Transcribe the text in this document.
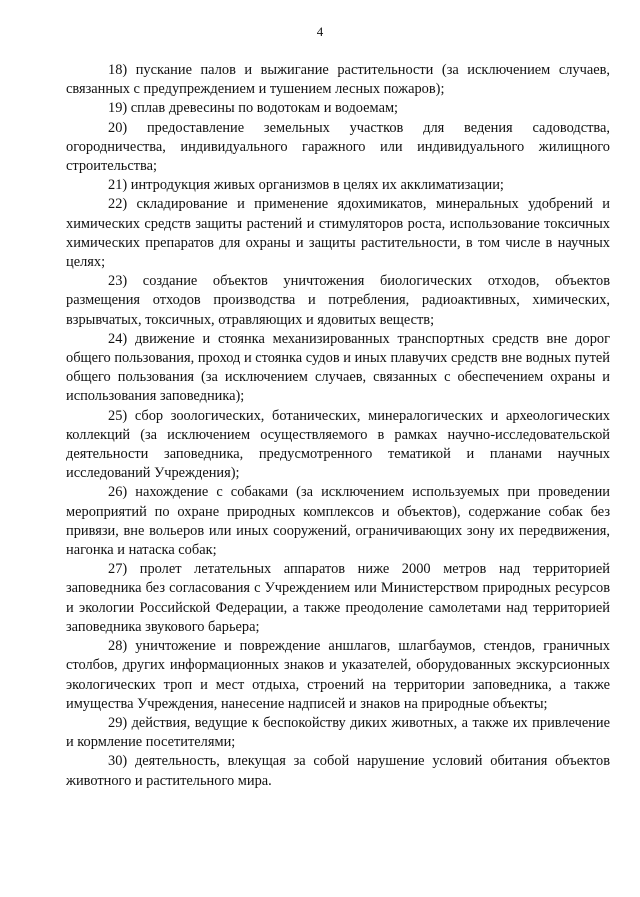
4

18) пускание палов и выжигание растительности (за исключением случаев, связанных с предупреждением и тушением лесных пожаров);

19) сплав древесины по водотокам и водоемам;

20) предоставление земельных участков для ведения садоводства, огородничества, индивидуального гаражного или индивидуального жилищного строительства;

21) интродукция живых организмов в целях их акклиматизации;

22) складирование и применение ядохимикатов, минеральных удобрений и химических средств защиты растений и стимуляторов роста, использование токсичных химических препаратов для охраны и защиты растительности, в том числе в научных целях;

23) создание объектов уничтожения биологических отходов, объектов размещения отходов производства и потребления, радиоактивных, химических, взрывчатых, токсичных, отравляющих и ядовитых веществ;

24) движение и стоянка механизированных транспортных средств вне дорог общего пользования, проход и стоянка судов и иных плавучих средств вне водных путей общего пользования (за исключением случаев, связанных с обеспечением охраны и использования заповедника);

25) сбор зоологических, ботанических, минералогических и археологических коллекций (за исключением осуществляемого в рамках научно-исследовательской деятельности заповедника, предусмотренного тематикой и планами научных исследований Учреждения);

26) нахождение с собаками (за исключением используемых при проведении мероприятий по охране природных комплексов и объектов), содержание собак без привязи, вне вольеров или иных сооружений, ограничивающих зону их передвижения, нагонка и натаска собак;

27) пролет летательных аппаратов ниже 2000 метров над территорией заповедника без согласования с Учреждением или Министерством природных ресурсов и экологии Российской Федерации, а также преодоление самолетами над территорией заповедника звукового барьера;

28) уничтожение и повреждение аншлагов, шлагбаумов, стендов, граничных столбов, других информационных знаков и указателей, оборудованных экскурсионных экологических троп и мест отдыха, строений на территории заповедника, а также имущества Учреждения, нанесение надписей и знаков на природные объекты;

29) действия, ведущие к беспокойству диких животных, а также их привлечение и кормление посетителями;

30) деятельность, влекущая за собой нарушение условий обитания объектов животного и растительного мира.
